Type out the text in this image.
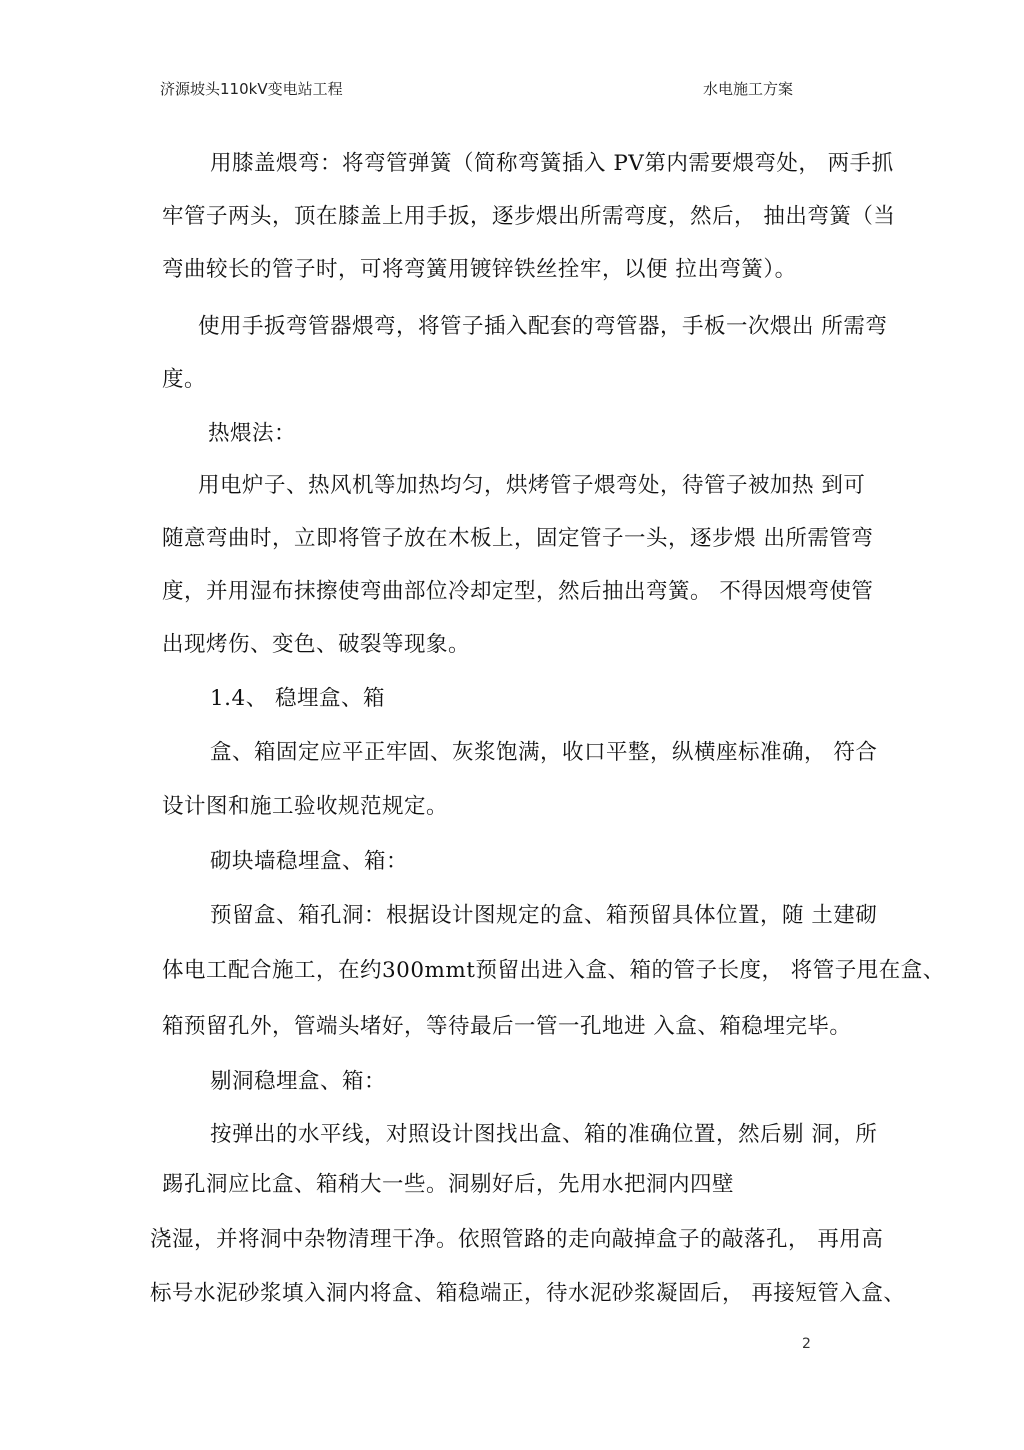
济源坡头110kV变电站工程	水电施工方案
用膝盖煨弯：将弯管弹簧（简称弯簧插入 PV第内需要煨弯处， 两手抓
牢管子两头，顶在膝盖上用手扳，逐步煨出所需弯度，然后， 抽出弯簧（当
弯曲较长的管子时，可将弯簧用镀锌铁丝拴牢，以便 拉出弯簧）。
使用手扳弯管器煨弯，将管子插入配套的弯管器，手板一次煨出 所需弯
度。
热煨法：
用电炉子、热风机等加热均匀，烘烤管子煨弯处，待管子被加热 到可
随意弯曲时，立即将管子放在木板上，固定管子一头，逐步煨 出所需管弯
度，并用湿布抹擦使弯曲部位冷却定型，然后抽出弯簧。 不得因煨弯使管
出现烤伤、变色、破裂等现象。
1.4、 稳埋盒、箱
盒、箱固定应平正牢固、灰浆饱满，收口平整，纵横座标准确， 符合
设计图和施工验收规范规定。
砌块墙稳埋盒、箱：
预留盒、箱孔洞：根据设计图规定的盒、箱预留具体位置，随 土建砌
体电工配合施工，在约300mmt预留出进入盒、箱的管子长度， 将管子甩在盒、
箱预留孔外，管端头堵好，等待最后一管一孔地进 入盒、箱稳埋完毕。
剔洞稳埋盒、箱：
按弹出的水平线，对照设计图找出盒、箱的准确位置，然后剔 洞，所
踢孔洞应比盒、箱稍大一些。洞剔好后，先用水把洞内四壁
浇湿，并将洞中杂物清理干净。依照管路的走向敲掉盒子的敲落孔， 再用高
标号水泥砂浆填入洞内将盒、箱稳端正，待水泥砂浆凝固后， 再接短管入盒、
2
